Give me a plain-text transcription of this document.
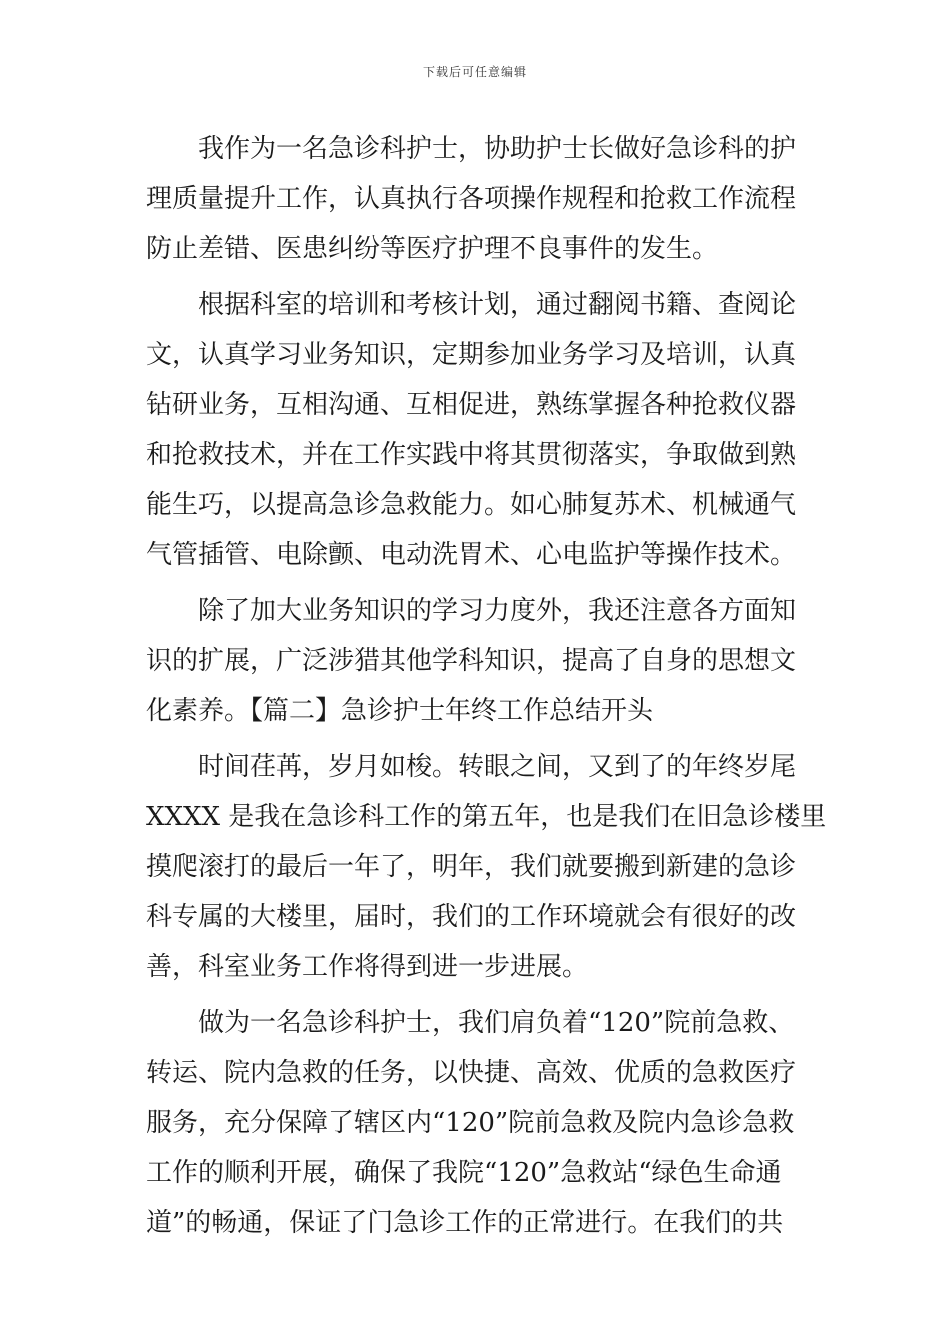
下载后可任意编辑
我作为一名急诊科护士，协助护士长做好急诊科的护
理质量提升工作，认真执行各项操作规程和抢救工作流程
防止差错、医患纠纷等医疗护理不良事件的发生。
根据科室的培训和考核计划，通过翻阅书籍、查阅论
文，认真学习业务知识，定期参加业务学习及培训，认真
钻研业务，互相沟通、互相促进，熟练掌握各种抢救仪器
和抢救技术，并在工作实践中将其贯彻落实，争取做到熟
能生巧，以提高急诊急救能力。如心肺复苏术、机械通气
气管插管、电除颤、电动洗胃术、心电监护等操作技术。
除了加大业务知识的学习力度外，我还注意各方面知
识的扩展，广泛涉猎其他学科知识，提高了自身的思想文
化素养。【篇二】急诊护士年终工作总结开头
时间荏苒，岁月如梭。转眼之间，又到了的年终岁尾
XXXX 是我在急诊科工作的第五年，也是我们在旧急诊楼里
摸爬滚打的最后一年了，明年，我们就要搬到新建的急诊
科专属的大楼里，届时，我们的工作环境就会有很好的改
善，科室业务工作将得到进一步进展。
做为一名急诊科护士，我们肩负着“120”院前急救、
转运、院内急救的任务，以快捷、高效、优质的急救医疗
服务，充分保障了辖区内“120”院前急救及院内急诊急救
工作的顺利开展，确保了我院“120”急救站“绿色生命通
道”的畅通，保证了门急诊工作的正常进行。在我们的共
